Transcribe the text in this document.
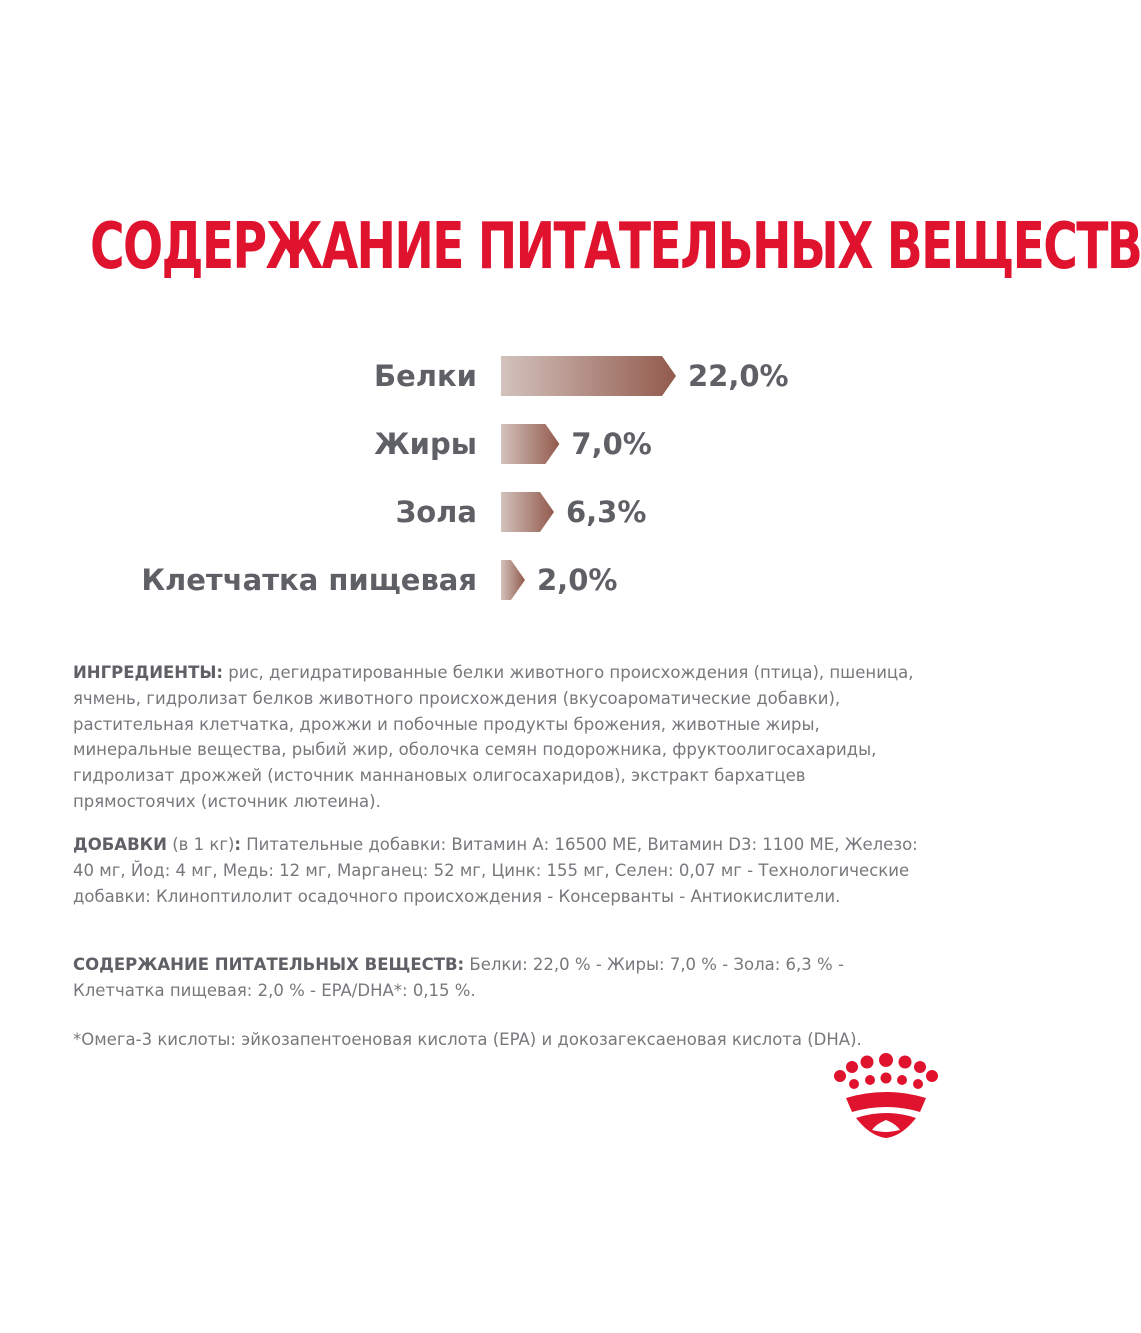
СОДЕРЖАНИЕ ПИТАТЕЛЬНЫХ ВЕЩЕСТВ
Белки	22,0%
Жиры	7,0%
Зола	6,3%
Клетчатка пищевая 2,0%
ИНГРЕДИЕНТЫ: рис, дегидратированные белки животного происхождения (птица), пшеница, ячмень, гидролизат белков животного происхождения (вкусоароматические добавки), растительная клетчатка, дрожжи и побочные продукты брожения, животные жиры, минеральные вещества, рыбий жир, оболочка семян подорожника, фруктоолигосахариды, гидролизат дрожжей (источник маннановых олигосахаридов), экстракт бархатцев прямостоячих (источник лютеина).
ДОБАВКИ (в 1 кг): Питательные добавки: Витамин А: 16500 МЕ, Витамин D3: 1100 МЕ, Железо: 40 мг, Йод: 4 мг, Медь: 12 мг, Марганец: 52 мг, Цинк: 155 мг, Селен: 0,07 мг - Технологические добавки: Клиноптилолит осадочного происхождения - Консерванты - Антиокислители.
СОДЕРЖАНИЕ ПИТАТЕЛЬНЫХ ВЕЩЕСТВ: Белки: 22,0 % - Жиры: 7,0 % - Зола: 6,3 % - Клетчатка пищевая: 2,0 % - EPA/DHA*: 0,15 %.
*Омега-3 кислоты: эйкозапентоеновая кислота (EPA) и докозагексаеновая кислота (DHA).
